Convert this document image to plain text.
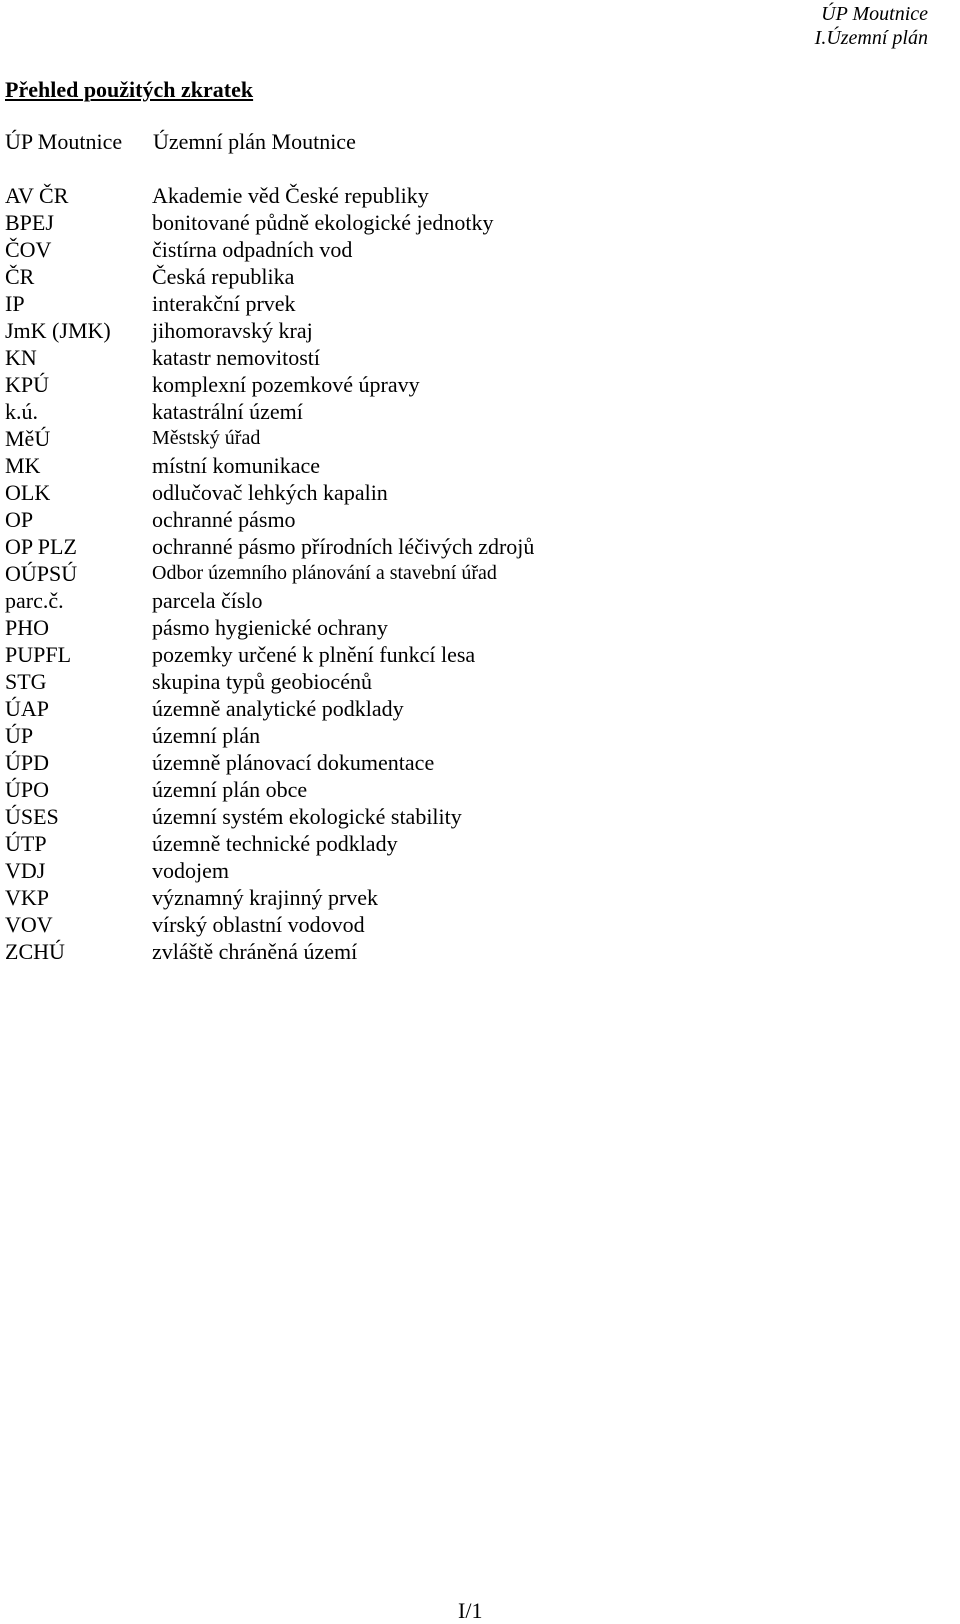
ÚP Moutnice
I.Územní plán
Přehled použitých zkratek
ÚP Moutnice	Územní plán Moutnice
AV ČR	Akademie věd České republiky
BPEJ	bonitované půdně ekologické jednotky
ČOV	čistírna odpadních vod
ČR	Česká republika
IP	interakční prvek
JmK (JMK)	jihomoravský kraj
KN	katastr nemovitostí
KPÚ	komplexní pozemkové úpravy
k.ú.	katastrální území
MěÚ	Městský úřad
MK	místní komunikace
OLK	odlučovač lehkých kapalin
OP	ochranné pásmo
OP PLZ	ochranné pásmo přírodních léčivých zdrojů
OÚPSÚ	Odbor územního plánování a stavební úřad
parc.č.	parcela číslo
PHO	pásmo hygienické ochrany
PUPFL	pozemky určené k plnění funkcí lesa
STG	skupina typů geobiocénů
ÚAP	územně analytické podklady
ÚP	územní plán
ÚPD	územně plánovací dokumentace
ÚPO	územní plán obce
ÚSES	územní systém ekologické stability
ÚTP	územně technické podklady
VDJ	vodojem
VKP	významný krajinný prvek
VOV	vírský oblastní vodovod
ZCHÚ	zvláště chráněná území
I/1
